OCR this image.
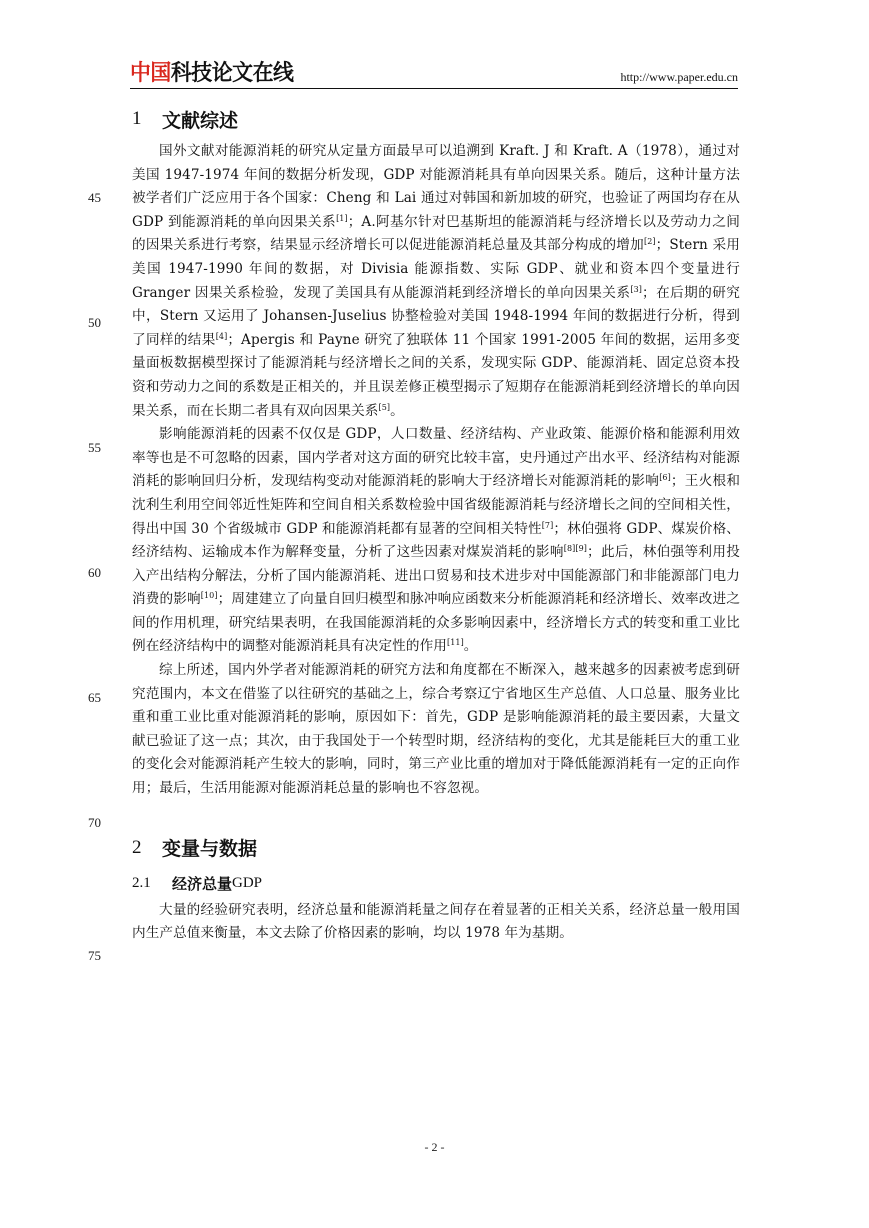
中国科技论文在线	http://www.paper.edu.cn
45
50
55
60
65
70
75
1	文献综述

国外文献对能源消耗的研究从定量方面最早可以追溯到 Kraft. J 和 Kraft. A（1978），通过对美国 1947-1974 年间的数据分析发现，GDP 对能源消耗具有单向因果关系。随后，这种计量方法被学者们广泛应用于各个国家：Cheng 和 Lai 通过对韩国和新加坡的研究，也验证了两国均存在从 GDP 到能源消耗的单向因果关系[1]；A.阿基尔针对巴基斯坦的能源消耗与经济增长以及劳动力之间的因果关系进行考察，结果显示经济增长可以促进能源消耗总量及其部分构成的增加[2]；Stern 采用美国 1947-1990 年间的数据，对 Divisia 能源指数、实际 GDP、就业和资本四个变量进行 Granger 因果关系检验，发现了美国具有从能源消耗到经济增长的单向因果关系[3]；在后期的研究中，Stern 又运用了 Johansen-Juselius 协整检验对美国 1948-1994 年间的数据进行分析，得到了同样的结果[4]；Apergis 和 Payne 研究了独联体 11 个国家 1991-2005 年间的数据，运用多变量面板数据模型探讨了能源消耗与经济增长之间的关系，发现实际 GDP、能源消耗、固定总资本投资和劳动力之间的系数是正相关的，并且误差修正模型揭示了短期存在能源消耗到经济增长的单向因果关系，而在长期二者具有双向因果关系[5]。

影响能源消耗的因素不仅仅是 GDP，人口数量、经济结构、产业政策、能源价格和能源利用效率等也是不可忽略的因素，国内学者对这方面的研究比较丰富，史丹通过产出水平、经济结构对能源消耗的影响回归分析，发现结构变动对能源消耗的影响大于经济增长对能源消耗的影响[6]；王火根和沈利生利用空间邻近性矩阵和空间自相关系数检验中国省级能源消耗与经济增长之间的空间相关性，得出中国 30 个省级城市 GDP 和能源消耗都有显著的空间相关特性[7]；林伯强将 GDP、煤炭价格、经济结构、运输成本作为解释变量，分析了这些因素对煤炭消耗的影响[8][9]；此后，林伯强等利用投入产出结构分解法，分析了国内能源消耗、进出口贸易和技术进步对中国能源部门和非能源部门电力消费的影响[10]；周建建立了向量自回归模型和脉冲响应函数来分析能源消耗和经济增长、效率改进之间的作用机理，研究结果表明，在我国能源消耗的众多影响因素中，经济增长方式的转变和重工业比例在经济结构中的调整对能源消耗具有决定性的作用[11]。

综上所述，国内外学者对能源消耗的研究方法和角度都在不断深入，越来越多的因素被考虑到研究范围内，本文在借鉴了以往研究的基础之上，综合考察辽宁省地区生产总值、人口总量、服务业比重和重工业比重对能源消耗的影响，原因如下：首先，GDP 是影响能源消耗的最主要因素，大量文献已验证了这一点；其次，由于我国处于一个转型时期，经济结构的变化，尤其是能耗巨大的重工业的变化会对能源消耗产生较大的影响，同时，第三产业比重的增加对于降低能源消耗有一定的正向作用；最后，生活用能源对能源消耗总量的影响也不容忽视。

2	变量与数据
2.1	经济总量 GDP

大量的经验研究表明，经济总量和能源消耗量之间存在着显著的正相关关系，经济总量一般用国内生产总值来衡量，本文去除了价格因素的影响，均以 1978 年为基期。

- 2 -
